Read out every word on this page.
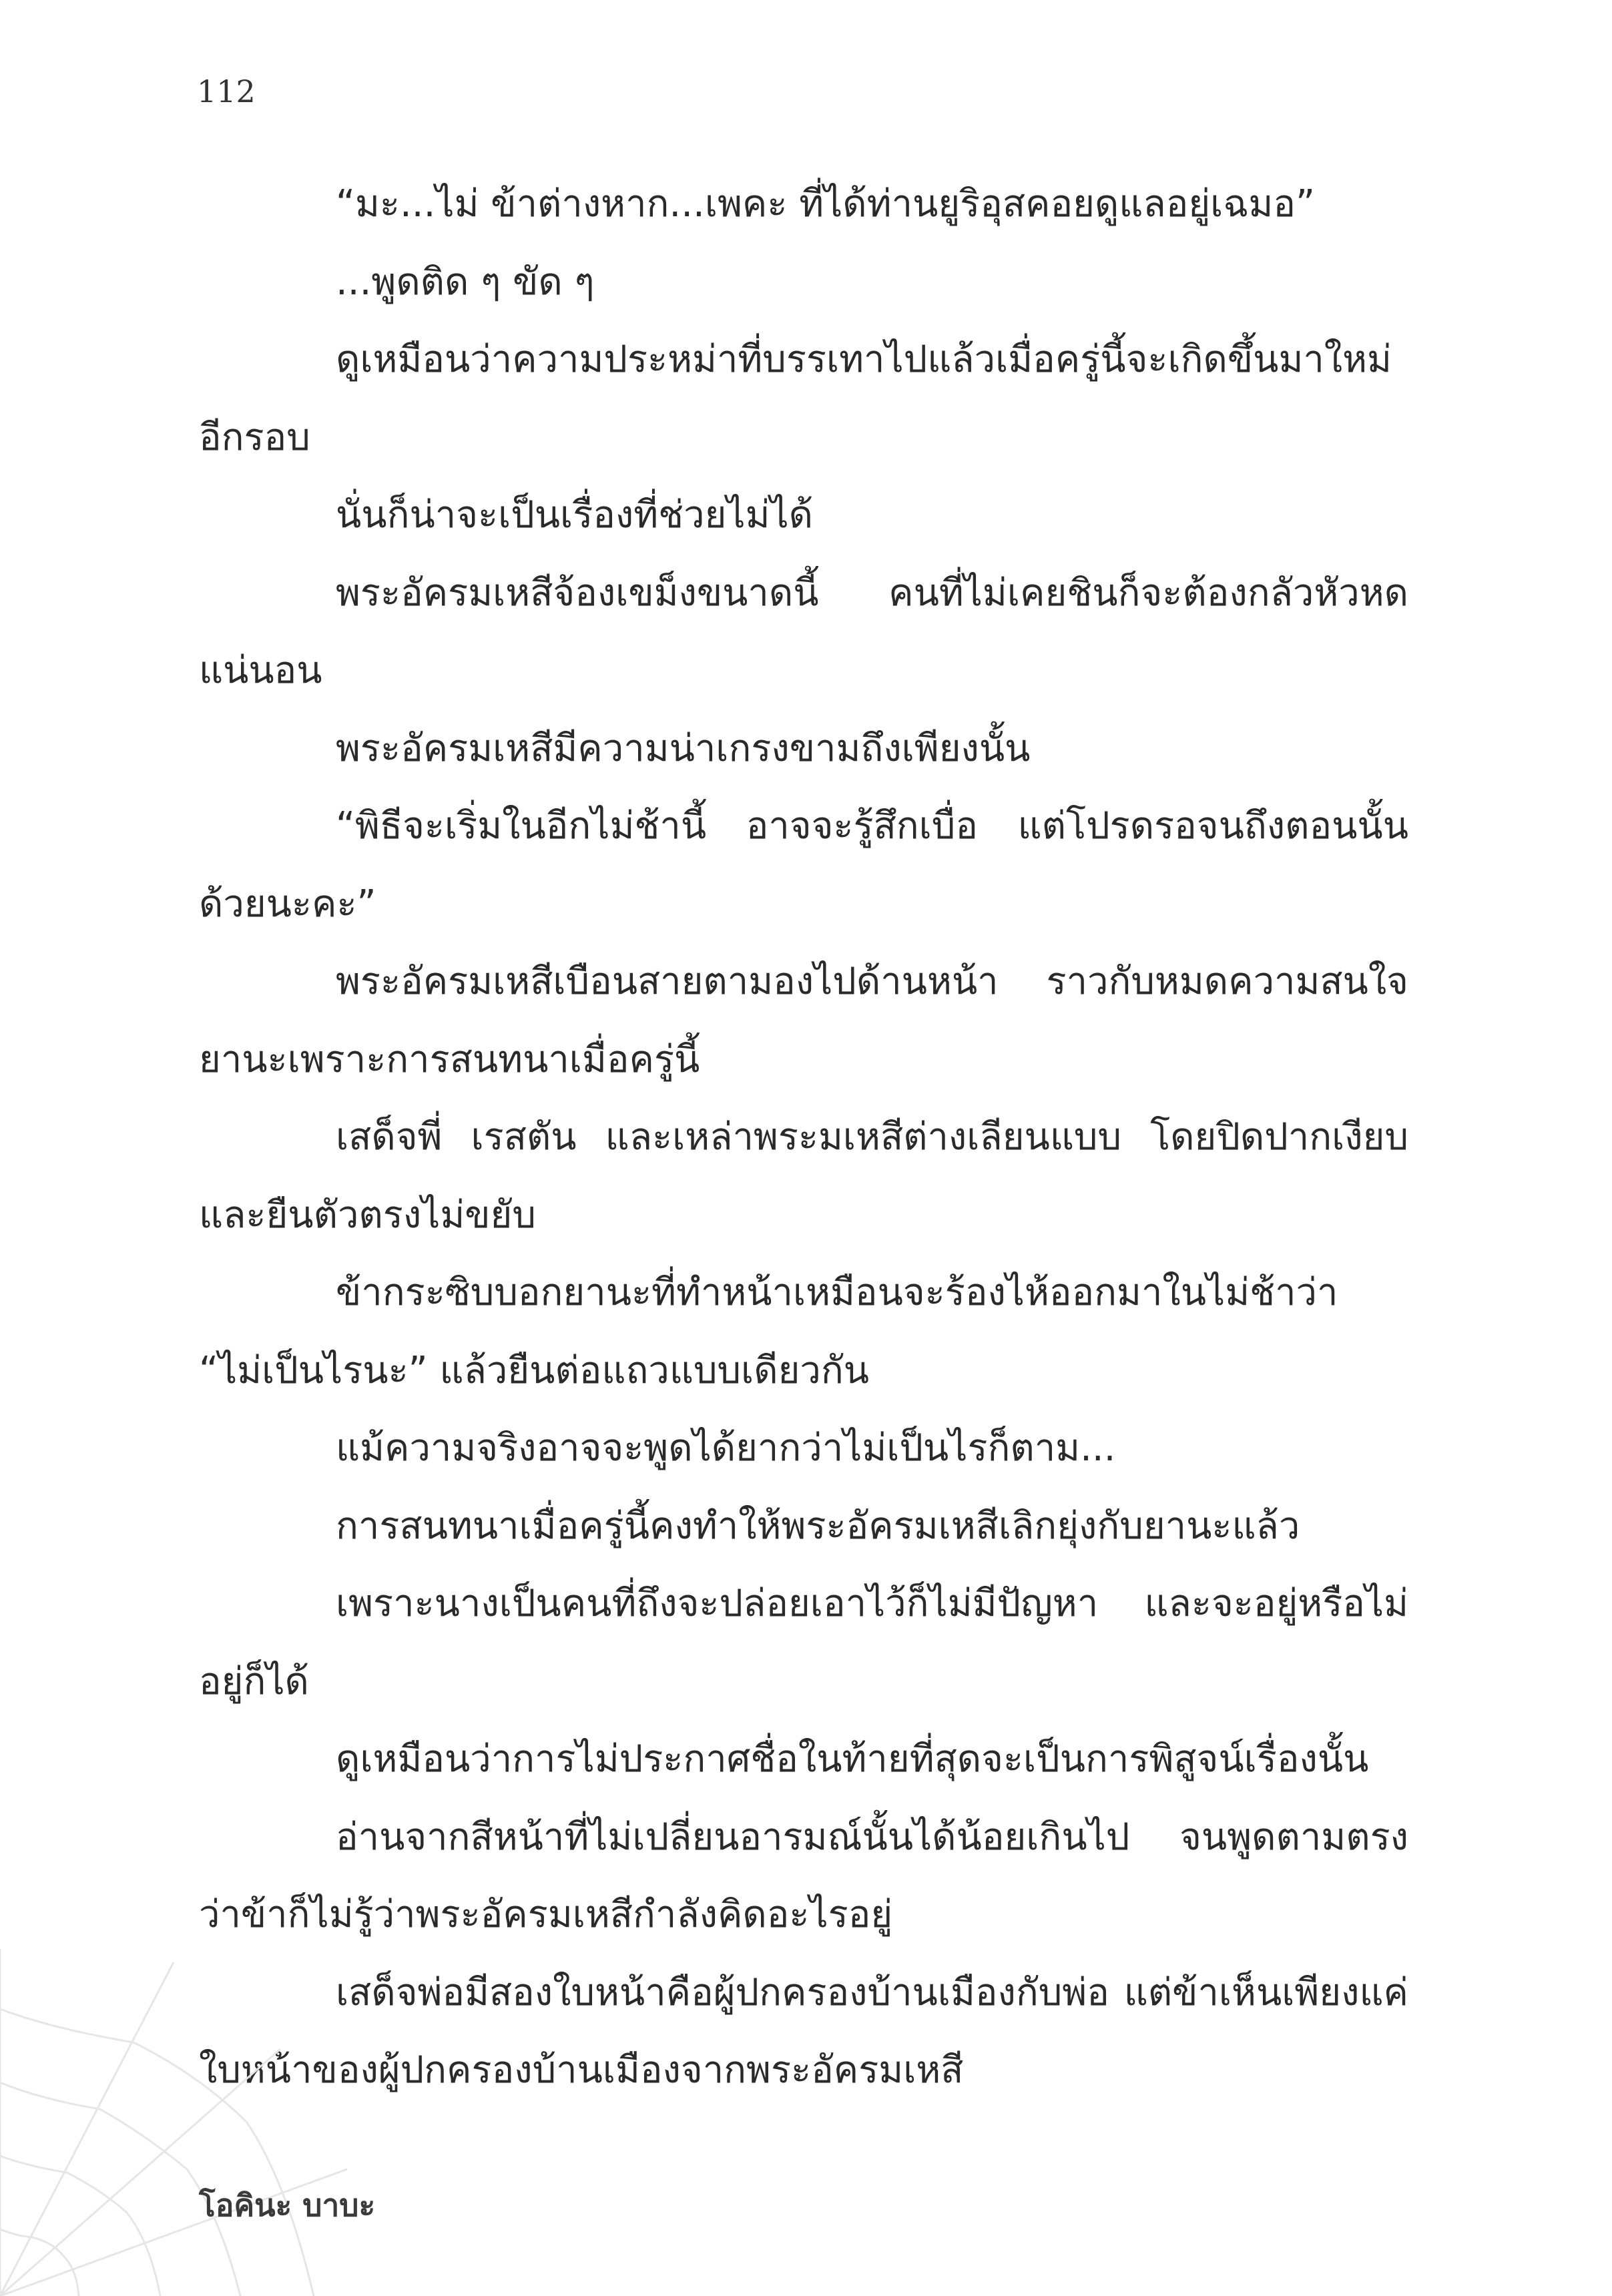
112

“มะ...ไม่ ข้าต่างหาก...เพคะ ที่ได้ท่านยูริอุสคอยดูแลอยู่เฉมอ”

...พูดติด ๆ ขัด ๆ

ดูเหมือนว่าความประหม่าที่บรรเทาไปแล้วเมื่อครู่นี้จะเกิดขึ้นมาใหม่อีกรอบ

นั่นก็น่าจะเป็นเรื่องที่ช่วยไม่ได้

พระอัครมเหสีจ้องเขม็งขนาดนี้ คนที่ไม่เคยชินก็จะต้องกลัวหัวหดแน่นอน

พระอัครมเหสีมีความน่าเกรงขามถึงเพียงนั้น

“พิธีจะเริ่มในอีกไม่ช้านี้ อาจจะรู้สึกเบื่อ แต่โปรดรอจนถึงตอนนั้นด้วยนะคะ”

พระอัครมเหสีเบือนสายตามองไปด้านหน้า ราวกับหมดความสนใจยานะเพราะการสนทนาเมื่อครู่นี้

เสด็จพี่ เรสตัน และเหล่าพระมเหสีต่างเลียนแบบ โดยปิดปากเงียบและยืนตัวตรงไม่ขยับ

ข้ากระซิบบอกยานะที่ทำหน้าเหมือนจะร้องไห้ออกมาในไม่ช้าว่า “ไม่เป็นไรนะ” แล้วยืนต่อแถวแบบเดียวกัน

แม้ความจริงอาจจะพูดได้ยากว่าไม่เป็นไรก็ตาม...

การสนทนาเมื่อครู่นี้คงทำให้พระอัครมเหสีเลิกยุ่งกับยานะแล้ว

เพราะนางเป็นคนที่ถึงจะปล่อยเอาไว้ก็ไม่มีปัญหา และจะอยู่หรือไม่อยู่ก็ได้

ดูเหมือนว่าการไม่ประกาศชื่อในท้ายที่สุดจะเป็นการพิสูจน์เรื่องนั้น

อ่านจากสีหน้าที่ไม่เปลี่ยนอารมณ์นั้นได้น้อยเกินไป จนพูดตามตรงว่าข้าก็ไม่รู้ว่าพระอัครมเหสีกำลังคิดอะไรอยู่

เสด็จพ่อมีสองใบหน้าคือผู้ปกครองบ้านเมืองกับพ่อ แต่ข้าเห็นเพียงแค่ใบหน้าของผู้ปกครองบ้านเมืองจากพระอัครมเหสี

โอคินะ บาบะ
